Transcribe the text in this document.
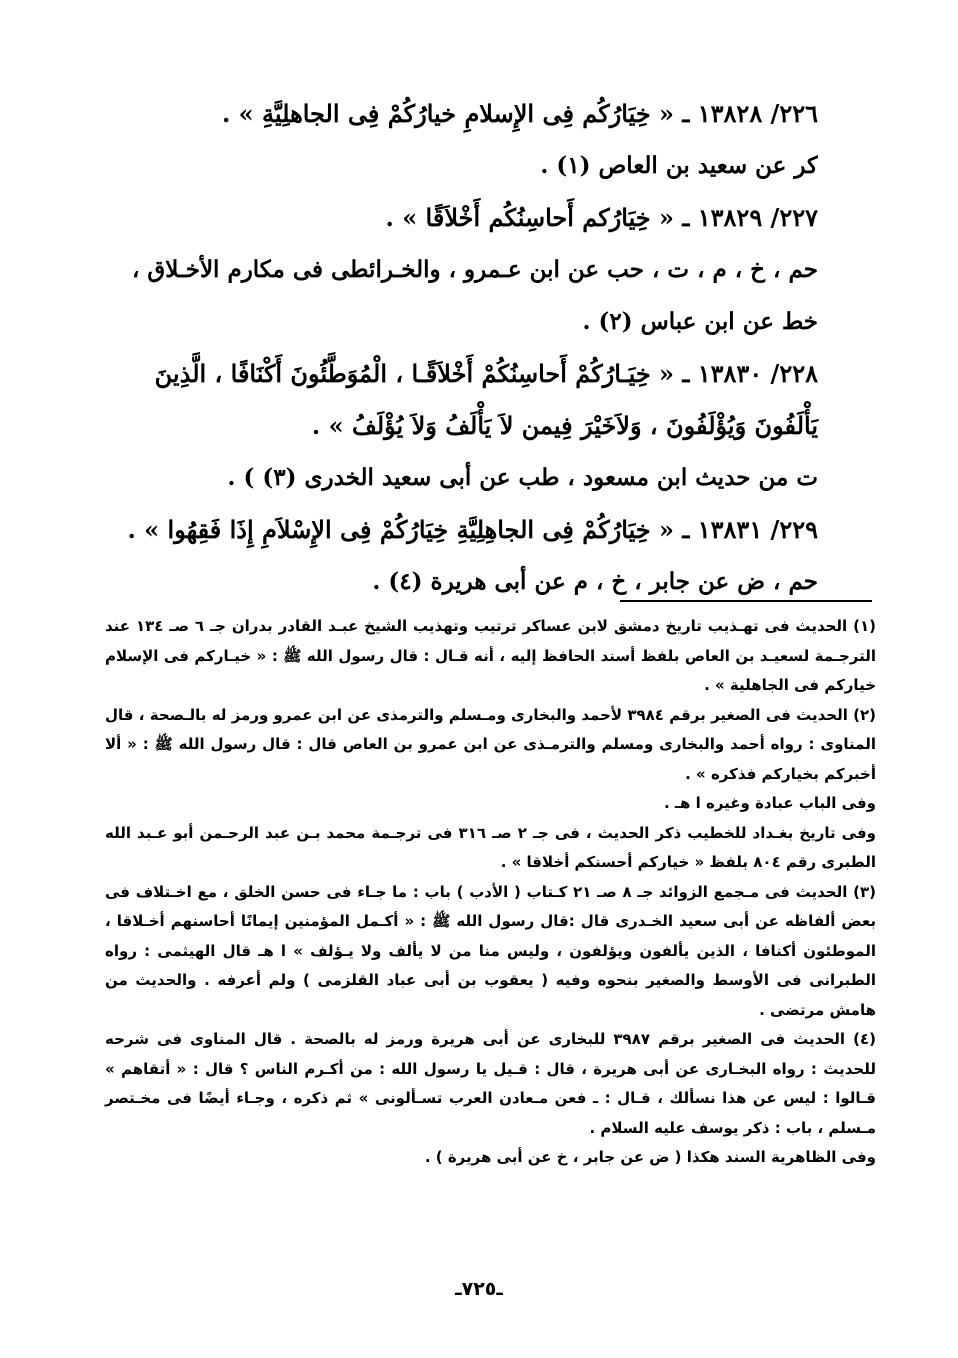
٢٢٦/ ١٣٨٢٨ ـ « خِيَارُكُم فِى الإِسلامِ خيارُكُمْ فِى الجاهلِيَّةِ » .

كر عن سعيد بن العاص (١) .

٢٢٧/ ١٣٨٢٩ ـ « خِيَارُكم أَحاسِنُكُم أَخْلاَقًا » .

حم ، خ ، م ، ت ، حب عن ابن عـمرو ، والخـرائطى فى مكارم الأخـلاق ، خط عن ابن عباس (٢) .

٢٢٨/ ١٣٨٣٠ ـ « خِيَـارُكُمْ أَحاسِنُكُمْ أَخْلاَقًـا ، الْمُوَطَّئُونَ أَكْنَافًا ، الَّذِينَ يَأْلَفُونَ وَيُؤْلَفُونَ ، وَلاَخَيْرَ فِيمن لاَ يَأْلَفُ وَلاَ يُؤْلَفُ » .

ت من حديث ابن مسعود ، طب عن أبى سعيد الخدرى (٣) ) .

٢٢٩/ ١٣٨٣١ ـ « خِيَارُكُمْ فِى الجاهِلِيَّةِ خِيَارُكُمْ فِى الإِسْلاَمِ إِذَا فَقِهُوا » .

حم ، ض عن جابر ، خ ، م عن أبى هريرة (٤) .

(١) الحديث فى تهـذيب تاريخ دمشق لابن عساكر ترتيب وتهذيب الشيخ عبـد القادر بدران جـ ٦ صـ ١٣٤ عند الترجـمة لسعيـد بن العاص بلفظ أسند الحافظ إليه ، أنه قـال : قال رسول الله ﷺ : « خيـاركم فى الإسلام خياركم فى الجاهلية » .

(٢) الحديث فى الصغير برقم ٣٩٨٤ لأحمد والبخارى ومـسلم والترمذى عن ابن عمرو ورمز له بالـصحة ، قال المناوى : رواه أحمد والبخارى ومسلم والترمـذى عن ابن عمرو بن العاص قال : قال رسول الله ﷺ : « ألا أخبركم بخياركم فذكره » .

وفى الباب عبادة وغيره ا هـ .

وفى تاريخ بغـداد للخطيب ذكر الحديث ، فى جـ ٢ صـ ٣١٦ فى ترجـمة محمد بـن عبد الرحـمن أبو عـبد الله الطبرى رقم ٨٠٤ بلفظ « خياركم أحسنكم أخلاقا » .

(٣) الحديث فى مـجمع الزوائد جـ ٨ صـ ٢١ كـتاب ( الأدب ) باب : ما جـاء فى حسن الخلق ، مع اخـتلاف فى بعض ألفاظه عن أبى سعيد الخـدرى قال :قال رسول الله ﷺ : « أكـمل المؤمنين إيمانًا أحاسنهم أخـلاقا ، الموطئون أكنافا ، الذين يألفون ويؤلفون ، وليس منا من لا يألف ولا يـؤلف » ا هـ قال الهيثمى : رواه الطبرانى فى الأوسط والصغير بنحوه وفيه ( يعقوب بن أبى عباد القلزمى ) ولم أعرفه . والحديث من هامش مرتضى .

(٤) الحديث فى الصغير برقم ٣٩٨٧ للبخارى عن أبى هريرة ورمز له بالصحة . قال المناوى فى شرحه للحديث : رواه البخـارى عن أبى هريرة ، قال : قـيل يا رسول الله : من أكـرم الناس ؟ قال : « أتقاهم » قـالوا : ليس عن هذا نسألك ، قـال : ـ فعن مـعادن العرب تسـألونى » ثم ذكره ، وجـاء أيضًا فى مخـتصر مـسلم ، باب : ذكر يوسف عليه السلام .

وفى الظاهرية السند هكذا ( ض عن جابر ، خ عن أبى هريرة ) .

ـ٧٢٥ـ
